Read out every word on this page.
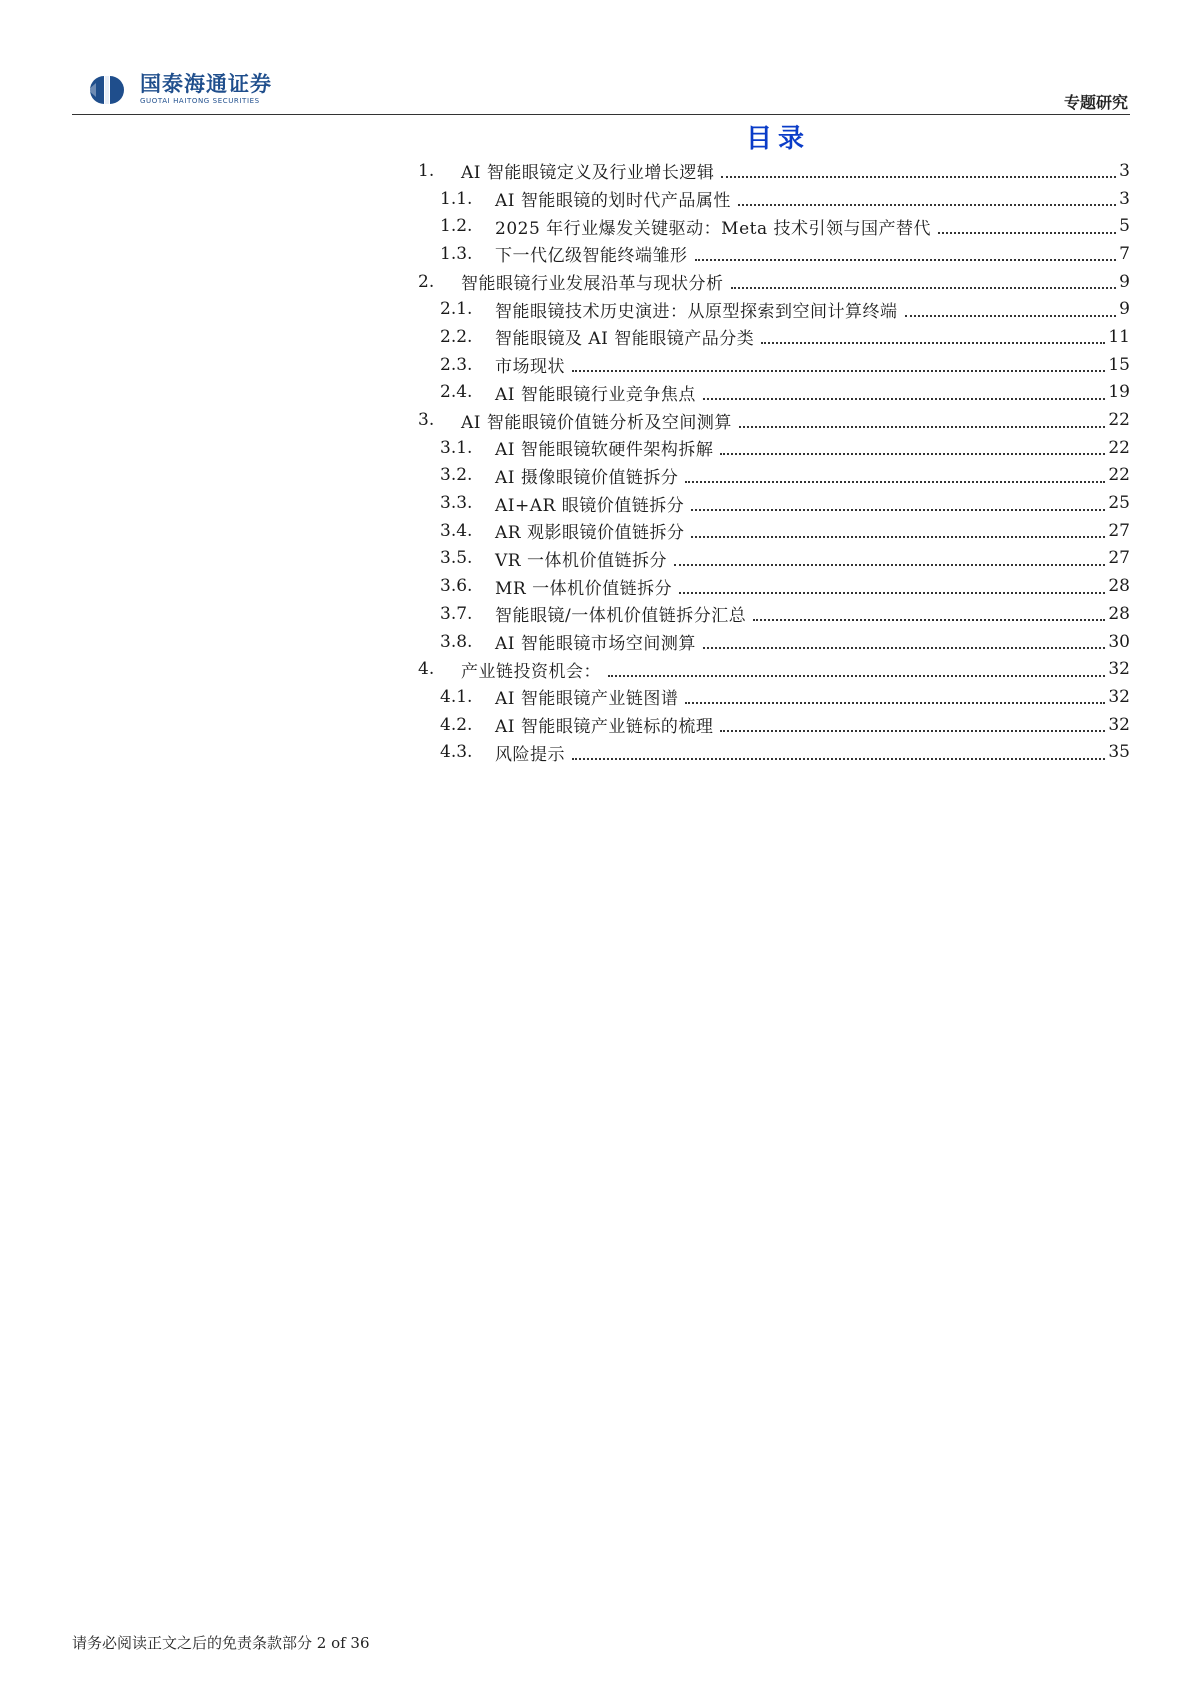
国泰海通证券
GUOTAI HAITONG SECURITIES	专题研究
目录
1.	AI 智能眼镜定义及行业增长逻辑	3
1.1.	AI 智能眼镜的划时代产品属性	3
1.2.	2025 年行业爆发关键驱动：Meta 技术引领与国产替代	5
1.3.	下一代亿级智能终端雏形	7
2.	智能眼镜行业发展沿革与现状分析	9
2.1.	智能眼镜技术历史演进：从原型探索到空间计算终端	9
2.2.	智能眼镜及 AI 智能眼镜产品分类	11
2.3.	市场现状	15
2.4.	AI 智能眼镜行业竞争焦点	19
3.	AI 智能眼镜价值链分析及空间测算	22
3.1.	AI 智能眼镜软硬件架构拆解	22
3.2.	AI 摄像眼镜价值链拆分	22
3.3.	AI+AR 眼镜价值链拆分	25
3.4.	AR 观影眼镜价值链拆分	27
3.5.	VR 一体机价值链拆分	27
3.6.	MR 一体机价值链拆分	28
3.7.	智能眼镜/一体机价值链拆分汇总	28
3.8.	AI 智能眼镜市场空间测算	30
4.	产业链投资机会：	32
4.1.	AI 智能眼镜产业链图谱	32
4.2.	AI 智能眼镜产业链标的梳理	32
4.3.	风险提示	35
请务必阅读正文之后的免责条款部分 2 of 36
